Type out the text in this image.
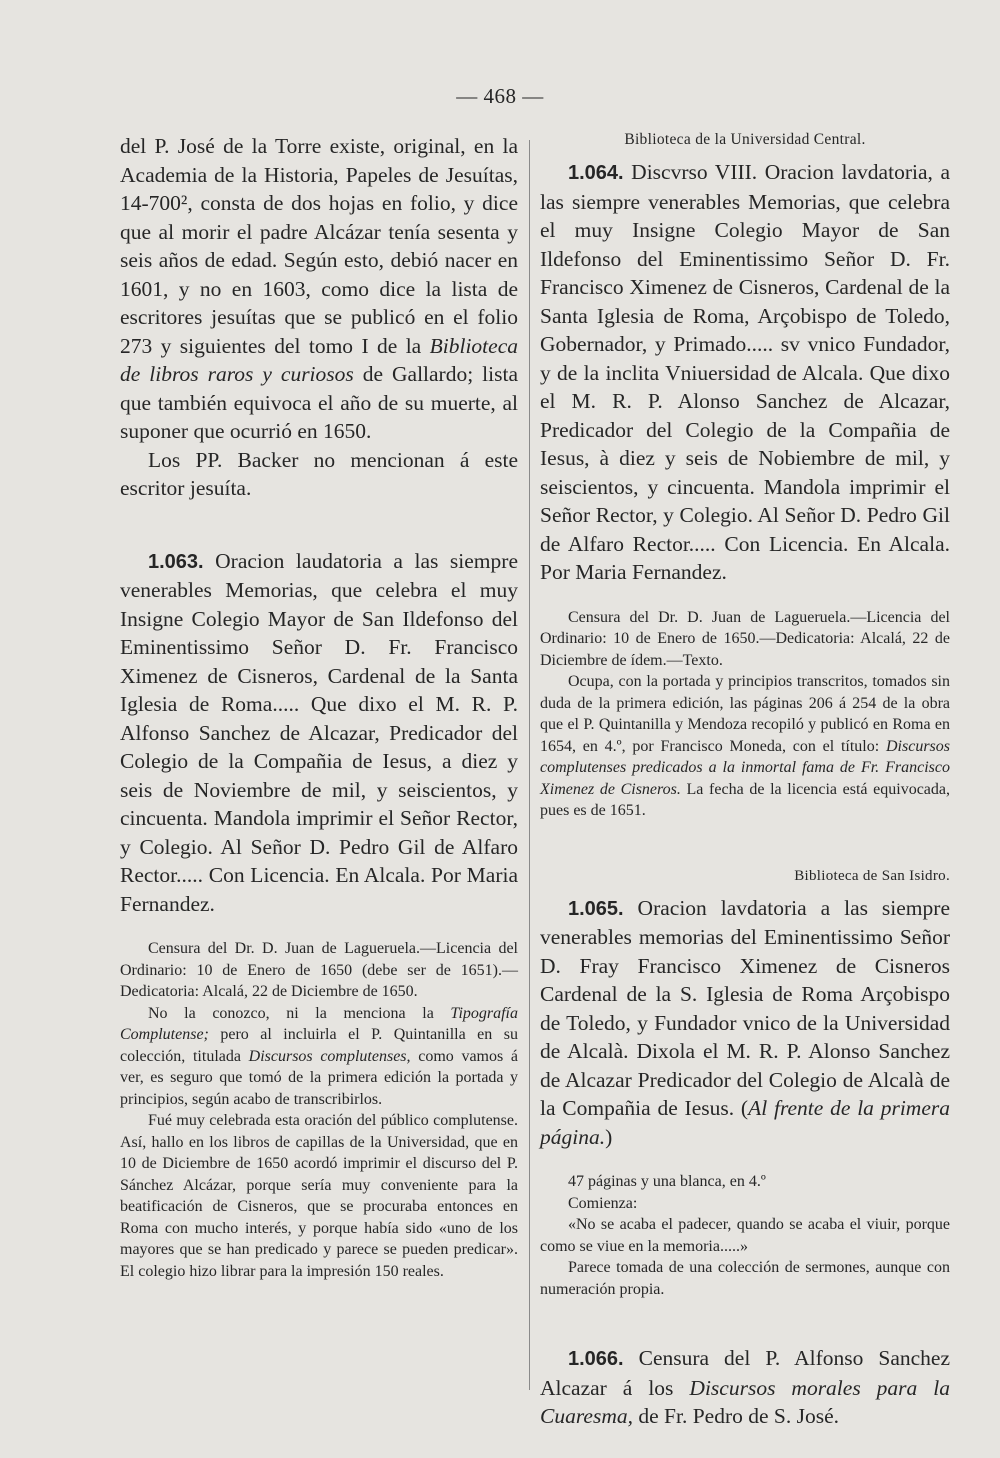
— 468 —

del P. José de la Torre existe, original, en la Academia de la Historia, Papeles de Jesuítas, 14-700², consta de dos hojas en folio, y dice que al morir el padre Alcázar tenía sesenta y seis años de edad. Según esto, debió nacer en 1601, y no en 1603, como dice la lista de escritores jesuítas que se publicó en el folio 273 y siguientes del tomo I de la Biblioteca de libros raros y curiosos de Gallardo; lista que también equivoca el año de su muerte, al suponer que ocurrió en 1650.

Los PP. Backer no mencionan á este escritor jesuíta.

1.063. Oracion laudatoria a las siempre venerables Memorias, que celebra el muy Insigne Colegio Mayor de San Ildefonso del Eminentissimo Señor D. Fr. Francisco Ximenez de Cisneros, Cardenal de la Santa Iglesia de Roma..... Que dixo el M. R. P. Alfonso Sanchez de Alcazar, Predicador del Colegio de la Compañia de Iesus, a diez y seis de Noviembre de mil, y seiscientos, y cincuenta. Mandola imprimir el Señor Rector, y Colegio. Al Señor D. Pedro Gil de Alfaro Rector..... Con Licencia. En Alcala. Por Maria Fernandez.

Censura del Dr. D. Juan de Lagueruela.—Licencia del Ordinario: 10 de Enero de 1650 (debe ser de 1651).—Dedicatoria: Alcalá, 22 de Diciembre de 1650.

No la conozco, ni la menciona la Tipografía Complutense; pero al incluirla el P. Quintanilla en su colección, titulada Discursos complutenses, como vamos á ver, es seguro que tomó de la primera edición la portada y principios, según acabo de transcribirlos.

Fué muy celebrada esta oración del público complutense. Así, hallo en los libros de capillas de la Universidad, que en 10 de Diciembre de 1650 acordó imprimir el discurso del P. Sánchez Alcázar, porque sería muy conveniente para la beatificación de Cisneros, que se procuraba entonces en Roma con mucho interés, y porque había sido «uno de los mayores que se han predicado y parece se pueden predicar». El colegio hizo librar para la impresión 150 reales.

Biblioteca de la Universidad Central.

1.064. Discvrso VIII. Oracion lavdatoria, a las siempre venerables Memorias, que celebra el muy Insigne Colegio Mayor de San Ildefonso del Eminentissimo Señor D. Fr. Francisco Ximenez de Cisneros, Cardenal de la Santa Iglesia de Roma, Arçobispo de Toledo, Gobernador, y Primado..... sv vnico Fundador, y de la inclita Vniuersidad de Alcala. Que dixo el M. R. P. Alonso Sanchez de Alcazar, Predicador del Colegio de la Compañia de Iesus, à diez y seis de Nobiembre de mil, y seiscientos, y cincuenta. Mandola imprimir el Señor Rector, y Colegio. Al Señor D. Pedro Gil de Alfaro Rector..... Con Licencia. En Alcala. Por Maria Fernandez.

Censura del Dr. D. Juan de Lagueruela.—Licencia del Ordinario: 10 de Enero de 1650.—Dedicatoria: Alcalá, 22 de Diciembre de ídem.—Texto.

Ocupa, con la portada y principios transcritos, tomados sin duda de la primera edición, las páginas 206 á 254 de la obra que el P. Quintanilla y Mendoza recopiló y publicó en Roma en 1654, en 4.º, por Francisco Moneda, con el título: Discursos complutenses predicados a la inmortal fama de Fr. Francisco Ximenez de Cisneros. La fecha de la licencia está equivocada, pues es de 1651.

Biblioteca de San Isidro.

1.065. Oracion lavdatoria a las siempre venerables memorias del Eminentissimo Señor D. Fray Francisco Ximenez de Cisneros Cardenal de la S. Iglesia de Roma Arçobispo de Toledo, y Fundador vnico de la Universidad de Alcalà. Dixola el M. R. P. Alonso Sanchez de Alcazar Predicador del Colegio de Alcalà de la Compañia de Iesus. (Al frente de la primera página.)

47 páginas y una blanca, en 4.º

Comienza:

«No se acaba el padecer, quando se acaba el viuir, porque como se viue en la memoria.....»

Parece tomada de una colección de sermones, aunque con numeración propia.

1.066. Censura del P. Alfonso Sanchez Alcazar á los Discursos morales para la Cuaresma, de Fr. Pedro de S. José.
